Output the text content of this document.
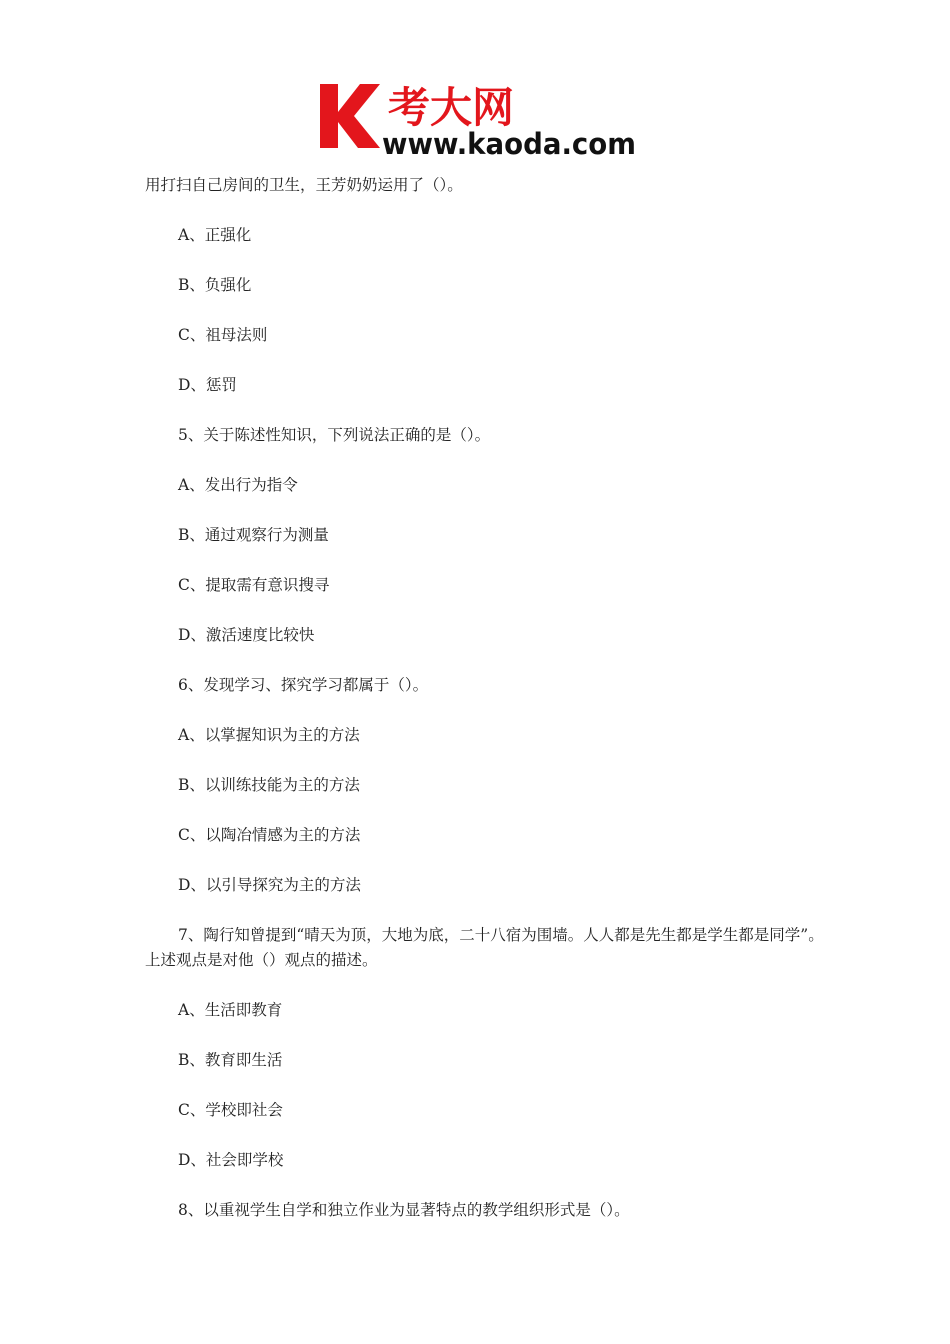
考大网
www.kaoda.com
用打扫自己房间的卫生，王芳奶奶运用了（）。
A、正强化
B、负强化
C、祖母法则
D、惩罚
5、关于陈述性知识，下列说法正确的是（）。
A、发出行为指令
B、通过观察行为测量
C、提取需有意识搜寻
D、激活速度比较快
6、发现学习、探究学习都属于（）。
A、以掌握知识为主的方法
B、以训练技能为主的方法
C、以陶冶情感为主的方法
D、以引导探究为主的方法
7、陶行知曾提到“晴天为顶，大地为底，二十八宿为围墙。人人都是先生都是学生都是同学”。上述观点是对他（）观点的描述。
A、生活即教育
B、教育即生活
C、学校即社会
D、社会即学校
8、以重视学生自学和独立作业为显著特点的教学组织形式是（）。
